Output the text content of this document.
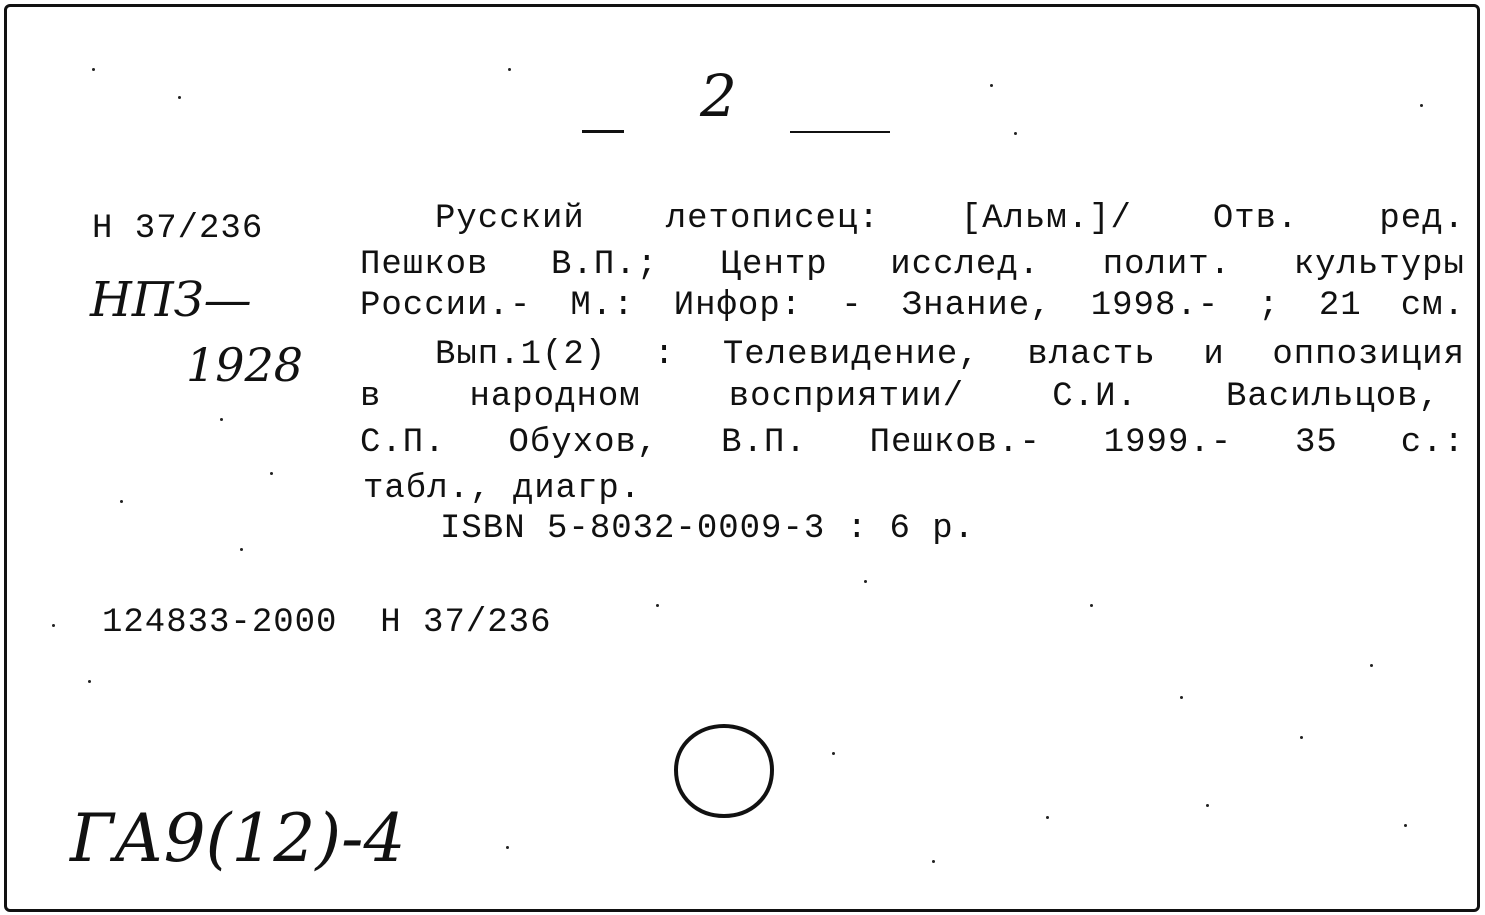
2
Н 37/236
НПЗ—
1928
Русский летописец: [Альм.]/ Отв. ред.
Пешков В.П.; Центр исслед. полит. культуры
России.- М.: Инфор: - Знание, 1998.- ; 21 см.
Вып.1(2) : Телевидение, власть и оппозиция
в	народном	восприятии/	С.И.	Васильцов,
С.П. Обухов, В.П. Пешков.- 1999.- 35 с.:
табл., диагр.
ISBN 5-8032-0009-3 : 6 р.
124833-2000  Н 37/236
ГА9(12)-4
